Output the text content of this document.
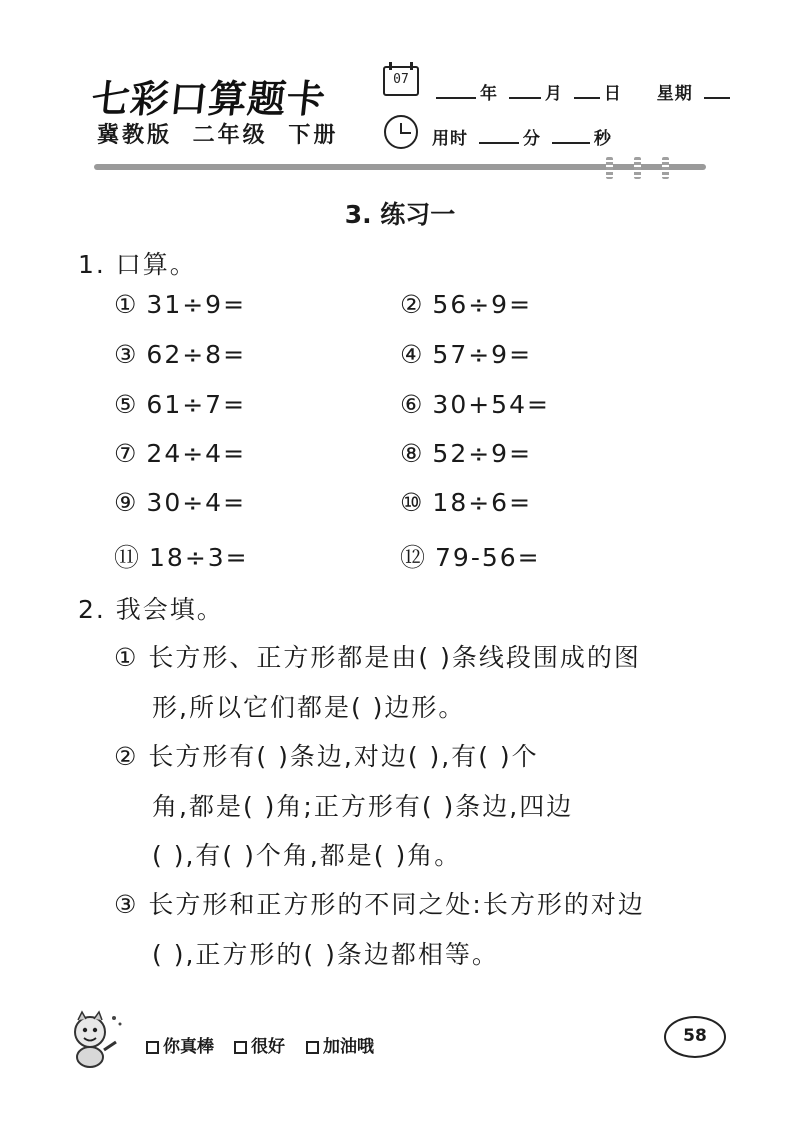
七彩口算题卡
冀教版 二年级 下册
07
年	月 日 星期
用时	分	秒
3. 练习一
1. 口算。
① 31÷9=	② 56÷9=
③ 62÷8=	④ 57÷9=
⑤ 61÷7=	⑥ 30+54=
⑦ 24÷4=	⑧ 52÷9=
⑨ 30÷4=	⑩ 18÷6=
⑪ 18÷3=	⑫ 79-56=
2. 我会填。
① 长方形、正方形都是由( )条线段围成的图
形,所以它们都是( )边形。
② 长方形有( )条边,对边( ),有( )个
角,都是( )角;正方形有( )条边,四边
( ),有( )个角,都是( )角。
③ 长方形和正方形的不同之处:长方形的对边
( ),正方形的( )条边都相等。
你真棒	很好	加油哦
58
